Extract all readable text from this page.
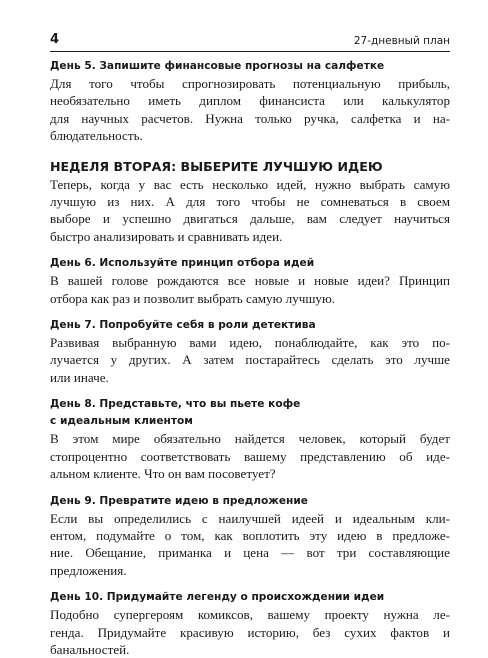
4	27-дневный план

День 5. Запишите финансовые прогнозы на салфетке

Для того чтобы спрогнозировать потенциальную прибыль,
необязательно иметь диплом финансиста или калькулятор
для научных расчетов. Нужна только ручка, салфетка и на-
блюдательность.

НЕДЕЛЯ ВТОРАЯ: ВЫБЕРИТЕ ЛУЧШУЮ ИДЕЮ

Теперь, когда у вас есть несколько идей, нужно выбрать самую
лучшую из них. А для того чтобы не сомневаться в своем
выборе и успешно двигаться дальше, вам следует научиться
быстро анализировать и сравнивать идеи.

День 6. Используйте принцип отбора идей

В вашей голове рождаются все новые и новые идеи? Принцип
отбора как раз и позволит выбрать самую лучшую.

День 7. Попробуйте себя в роли детектива

Развивая выбранную вами идею, понаблюдайте, как это по-
лучается у других. А затем постарайтесь сделать это лучше
или иначе.

День 8. Представьте, что вы пьете кофе

с идеальным клиентом

В этом мире обязательно найдется человек, который будет
стопроцентно соответствовать вашему представлению об иде-
альном клиенте. Что он вам посоветует?

День 9. Превратите идею в предложение

Если вы определились с наилучшей идеей и идеальным кли-
ентом, подумайте о том, как воплотить эту идею в предложе-
ние. Обещание, приманка и цена — вот три составляющие
предложения.

День 10. Придумайте легенду о происхождении идеи

Подобно супергероям комиксов, вашему проекту нужна ле-
генда. Придумайте красивую историю, без сухих фактов и
банальностей.
